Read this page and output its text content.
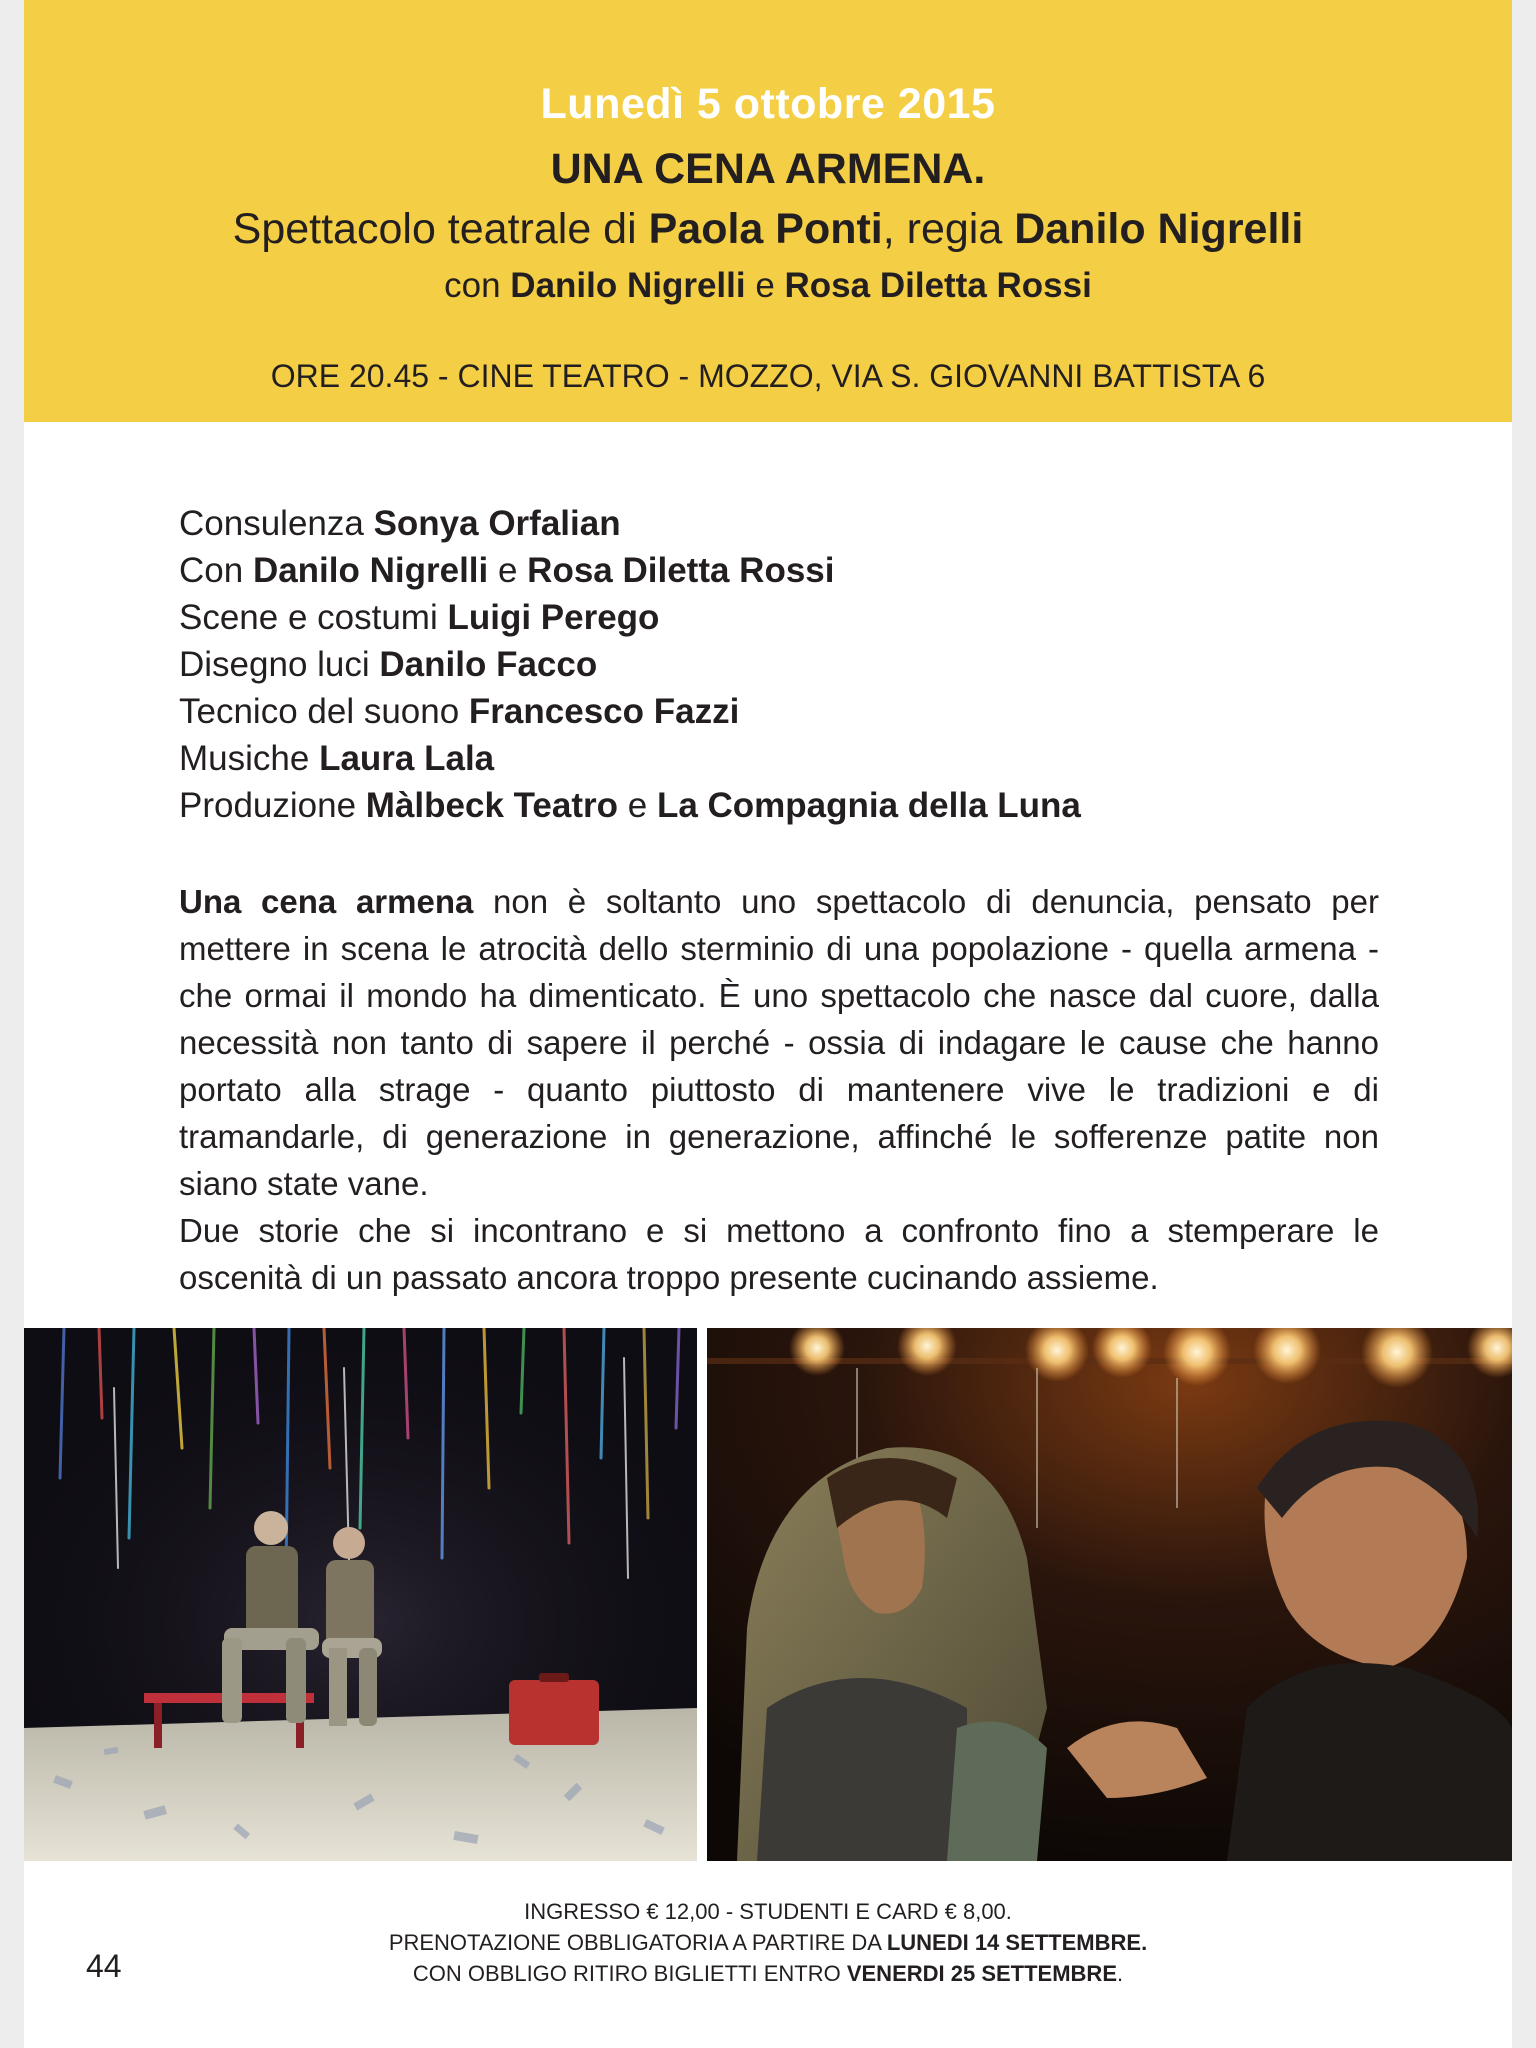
Lunedì 5 ottobre 2015
UNA CENA ARMENA.
Spettacolo teatrale di Paola Ponti, regia Danilo Nigrelli
con Danilo Nigrelli e Rosa Diletta Rossi
ORE 20.45 - CINE TEATRO - MOZZO, VIA S. GIOVANNI BATTISTA 6
Consulenza Sonya Orfalian
Con Danilo Nigrelli e Rosa Diletta Rossi
Scene e costumi Luigi Perego
Disegno luci Danilo Facco
Tecnico del suono Francesco Fazzi
Musiche Laura Lala
Produzione Màlbeck Teatro e La Compagnia della Luna

Una cena armena non è soltanto uno spettacolo di denuncia, pensato per mettere in scena le atrocità dello sterminio di una popolazione - quella armena - che ormai il mondo ha dimenticato. È uno spettacolo che nasce dal cuore, dalla necessità non tanto di sapere il perché - ossia di indagare le cause che hanno portato alla strage - quanto piuttosto di mantenere vive le tradizioni e di tramandarle, di generazione in generazione, affinché le sofferenze patite non siano state vane.

Due storie che si incontrano e si mettono a confronto fino a stemperare le oscenità di un passato ancora troppo presente cucinando assieme.

INGRESSO € 12,00 - STUDENTI E CARD € 8,00.
PRENOTAZIONE OBBLIGATORIA A PARTIRE DA LUNEDI 14 SETTEMBRE.
CON OBBLIGO RITIRO BIGLIETTI ENTRO VENERDI 25 SETTEMBRE.
44
